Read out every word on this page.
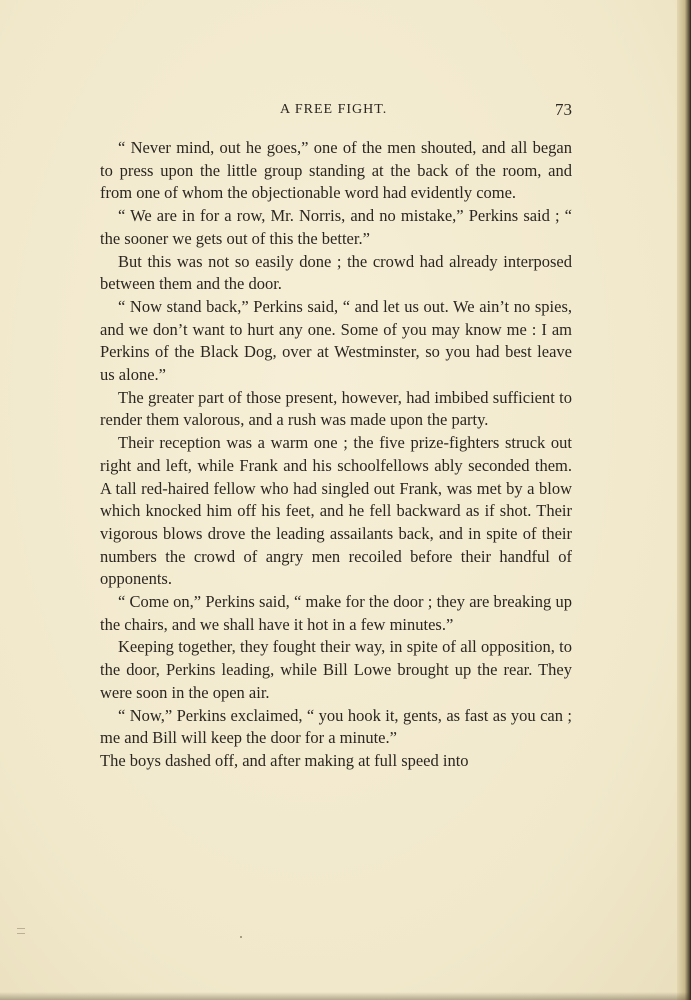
A FREE FIGHT.	73

“ Never mind, out he goes,” one of the men shouted, and all began to press upon the little group standing at the back of the room, and from one of whom the objectionable word had evidently come.

“ We are in for a row, Mr. Norris, and no mistake,” Perkins said ; “ the sooner we gets out of this the better.”

But this was not so easily done ; the crowd had already interposed between them and the door.

“ Now stand back,” Perkins said, “ and let us out. We ain’t no spies, and we don’t want to hurt any one. Some of you may know me : I am Perkins of the Black Dog, over at Westminster, so you had best leave us alone.”

The greater part of those present, however, had imbibed sufficient to render them valorous, and a rush was made upon the party.

Their reception was a warm one ; the five prize-fighters struck out right and left, while Frank and his schoolfellows ably seconded them. A tall red-haired fellow who had singled out Frank, was met by a blow which knocked him off his feet, and he fell backward as if shot. Their vigorous blows drove the leading assailants back, and in spite of their numbers the crowd of angry men recoiled before their handful of opponents.

“ Come on,” Perkins said, “ make for the door ; they are breaking up the chairs, and we shall have it hot in a few minutes.”

Keeping together, they fought their way, in spite of all opposition, to the door, Perkins leading, while Bill Lowe brought up the rear. They were soon in the open air.

“ Now,” Perkins exclaimed, “ you hook it, gents, as fast as you can ; me and Bill will keep the door for a minute.”

The boys dashed off, and after making at full speed into
